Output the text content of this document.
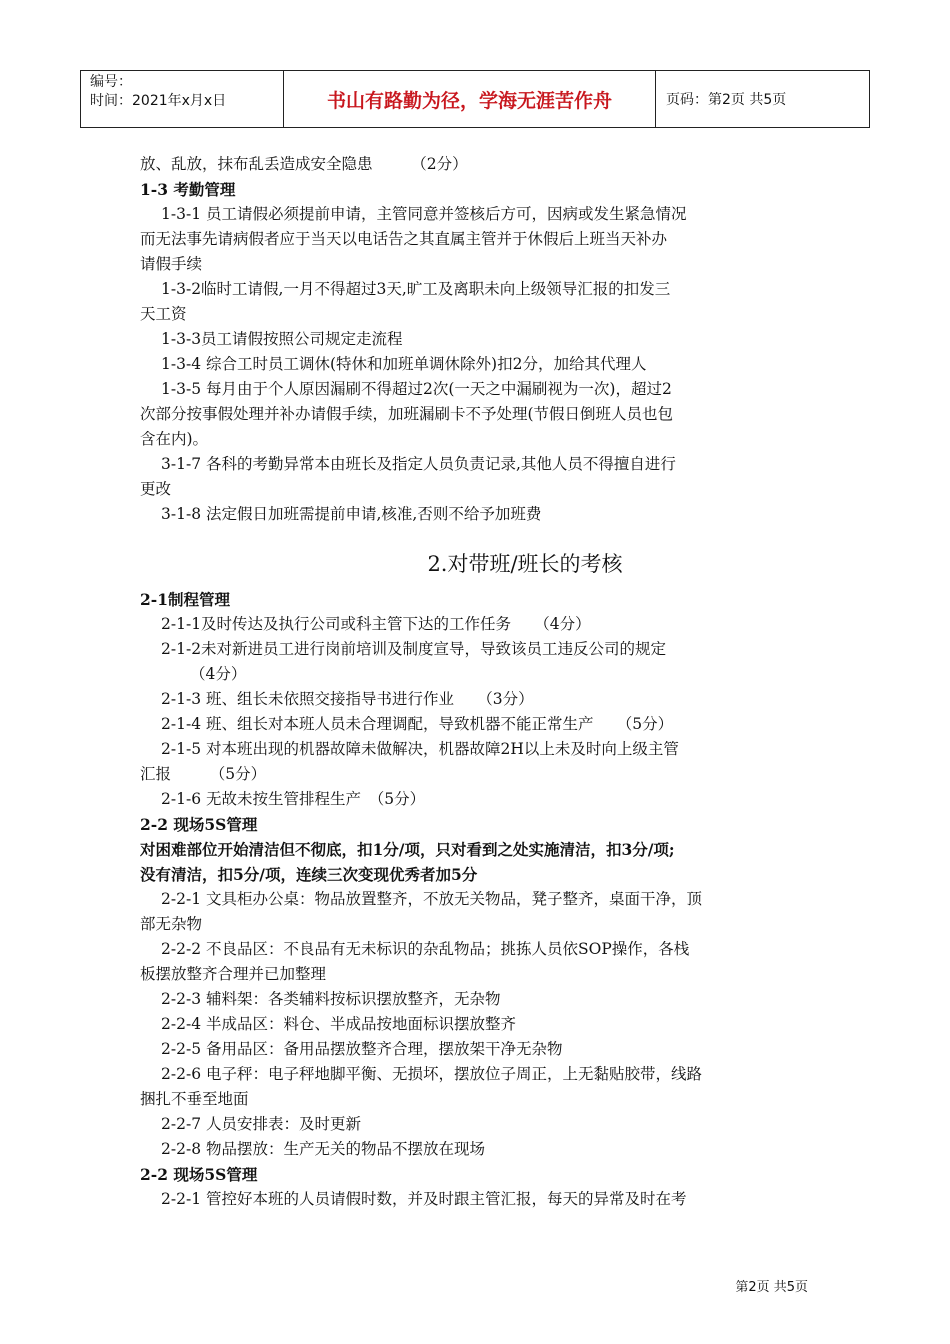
编号：
时间：2021年x月x日	书山有路勤为径，学海无涯苦作舟	页码：第2页 共5页
放、乱放，抹布乱丢造成安全隐患　　　（2分）
1-3 考勤管理
1-3-1 员工请假必须提前申请，主管同意并签核后方可，因病或发生紧急情况
而无法事先请病假者应于当天以电话告之其直属主管并于休假后上班当天补办
请假手续
1-3-2临时工请假,一月不得超过3天,旷工及离职未向上级领导汇报的扣发三
天工资
1-3-3员工请假按照公司规定走流程
1-3-4 综合工时员工调休(特休和加班单调休除外)扣2分，加给其代理人
1-3-5 每月由于个人原因漏刷不得超过2次(一天之中漏刷视为一次)，超过2
次部分按事假处理并补办请假手续，加班漏刷卡不予处理(节假日倒班人员也包
含在内)。
3-1-7 各科的考勤异常本由班长及指定人员负责记录,其他人员不得擅自进行
更改
3-1-8 法定假日加班需提前申请,核准,否则不给予加班费
2.对带班/班长的考核
2-1制程管理
2-1-1及时传达及执行公司或科主管下达的工作任务　　（4分）
2-1-2未对新进员工进行岗前培训及制度宣导，导致该员工违反公司的规定
（4分）
2-1-3 班、组长未依照交接指导书进行作业　　（3分）
2-1-4 班、组长对本班人员未合理调配，导致机器不能正常生产　　（5分）
2-1-5 对本班出现的机器故障未做解决，机器故障2H以上未及时向上级主管
汇报　　　（5分）
2-1-6 无故未按生管排程生产　（5分）
2-2 现场5S管理
对困难部位开始清洁但不彻底，扣1分/项，只对看到之处实施清洁，扣3分/项;
没有清洁，扣5分/项，连续三次变现优秀者加5分
2-2-1 文具柜办公桌：物品放置整齐，不放无关物品，凳子整齐，桌面干净，顶
部无杂物
2-2-2 不良品区：不良品有无未标识的杂乱物品；挑拣人员依SOP操作，各栈
板摆放整齐合理并已加整理
2-2-3 辅料架：各类辅料按标识摆放整齐，无杂物
2-2-4 半成品区：料仓、半成品按地面标识摆放整齐
2-2-5 备用品区：备用品摆放整齐合理，摆放架干净无杂物
2-2-6 电子秤：电子秤地脚平衡、无损坏，摆放位子周正，上无黏贴胶带，线路
捆扎不垂至地面
2-2-7 人员安排表：及时更新
2-2-8 物品摆放：生产无关的物品不摆放在现场
2-2 现场5S管理
2-2-1 管控好本班的人员请假时数，并及时跟主管汇报，每天的异常及时在考
第2页 共5页
